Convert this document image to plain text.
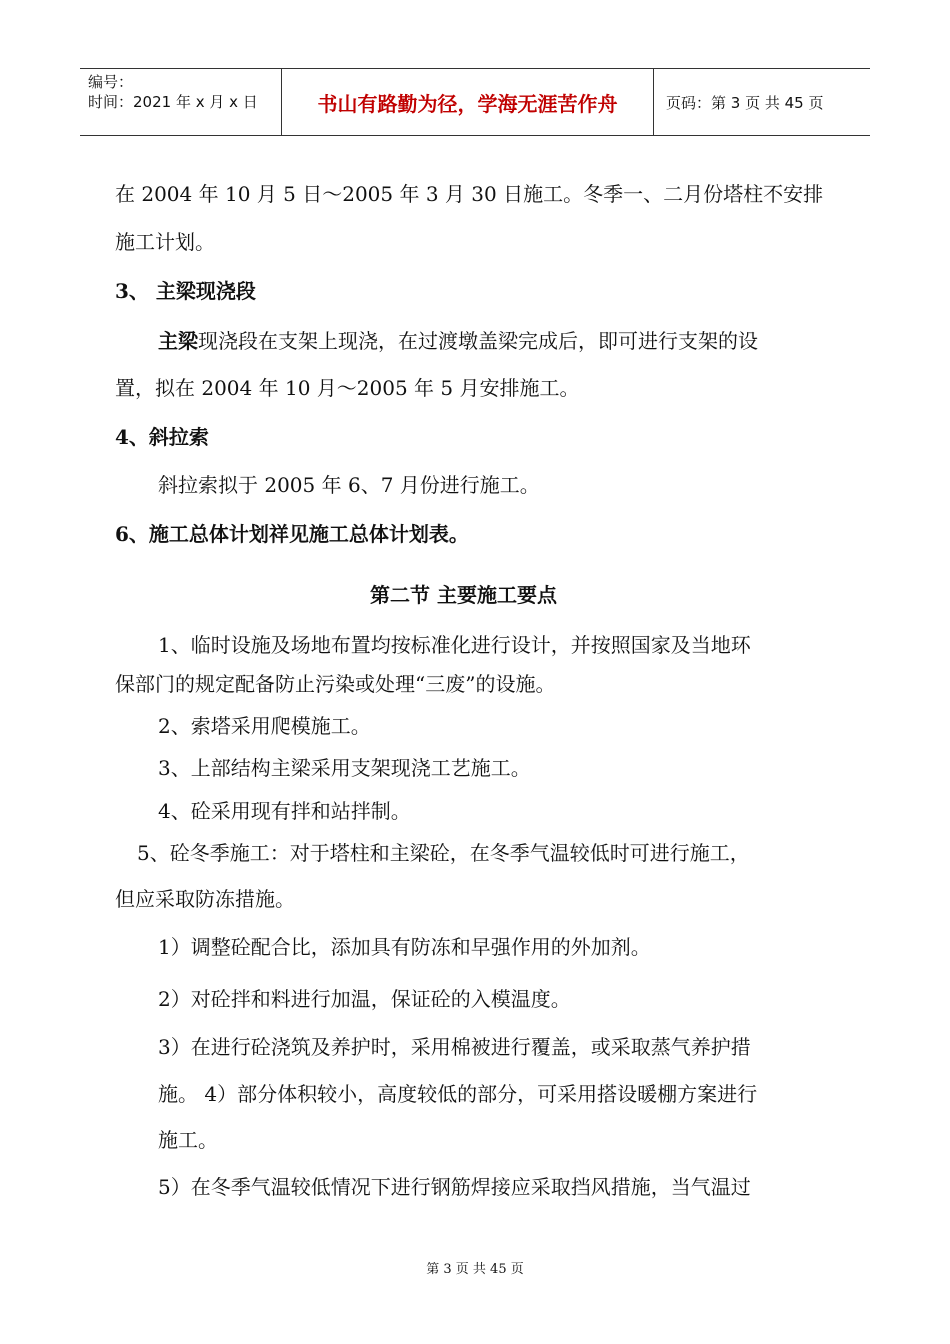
编号：
时间：2021 年 x 月 x 日	书山有路勤为径，学海无涯苦作舟	页码：第 3 页 共 45 页
在 2004 年 10 月 5 日～2005 年 3 月 30 日施工。冬季一、二月份塔柱不安排
施工计划。
3、 主梁现浇段
主梁现浇段在支架上现浇，在过渡墩盖梁完成后，即可进行支架的设
置，拟在 2004 年 10 月～2005 年 5 月安排施工。
4、斜拉索
斜拉索拟于 2005 年 6、7 月份进行施工。
6、施工总体计划祥见施工总体计划表。
第二节 主要施工要点
1、临时设施及场地布置均按标准化进行设计，并按照国家及当地环
保部门的规定配备防止污染或处理“三废”的设施。
2、索塔采用爬模施工。
3、上部结构主梁采用支架现浇工艺施工。
4、砼采用现有拌和站拌制。
5、砼冬季施工：对于塔柱和主梁砼，在冬季气温较低时可进行施工，
但应采取防冻措施。
1）调整砼配合比，添加具有防冻和早强作用的外加剂。
2）对砼拌和料进行加温，保证砼的入模温度。
3）在进行砼浇筑及养护时，采用棉被进行覆盖，或采取蒸气养护措
施。 4）部分体积较小，高度较低的部分，可采用搭设暖棚方案进行
施工。
5）在冬季气温较低情况下进行钢筋焊接应采取挡风措施，当气温过
第 3 页 共 45 页
